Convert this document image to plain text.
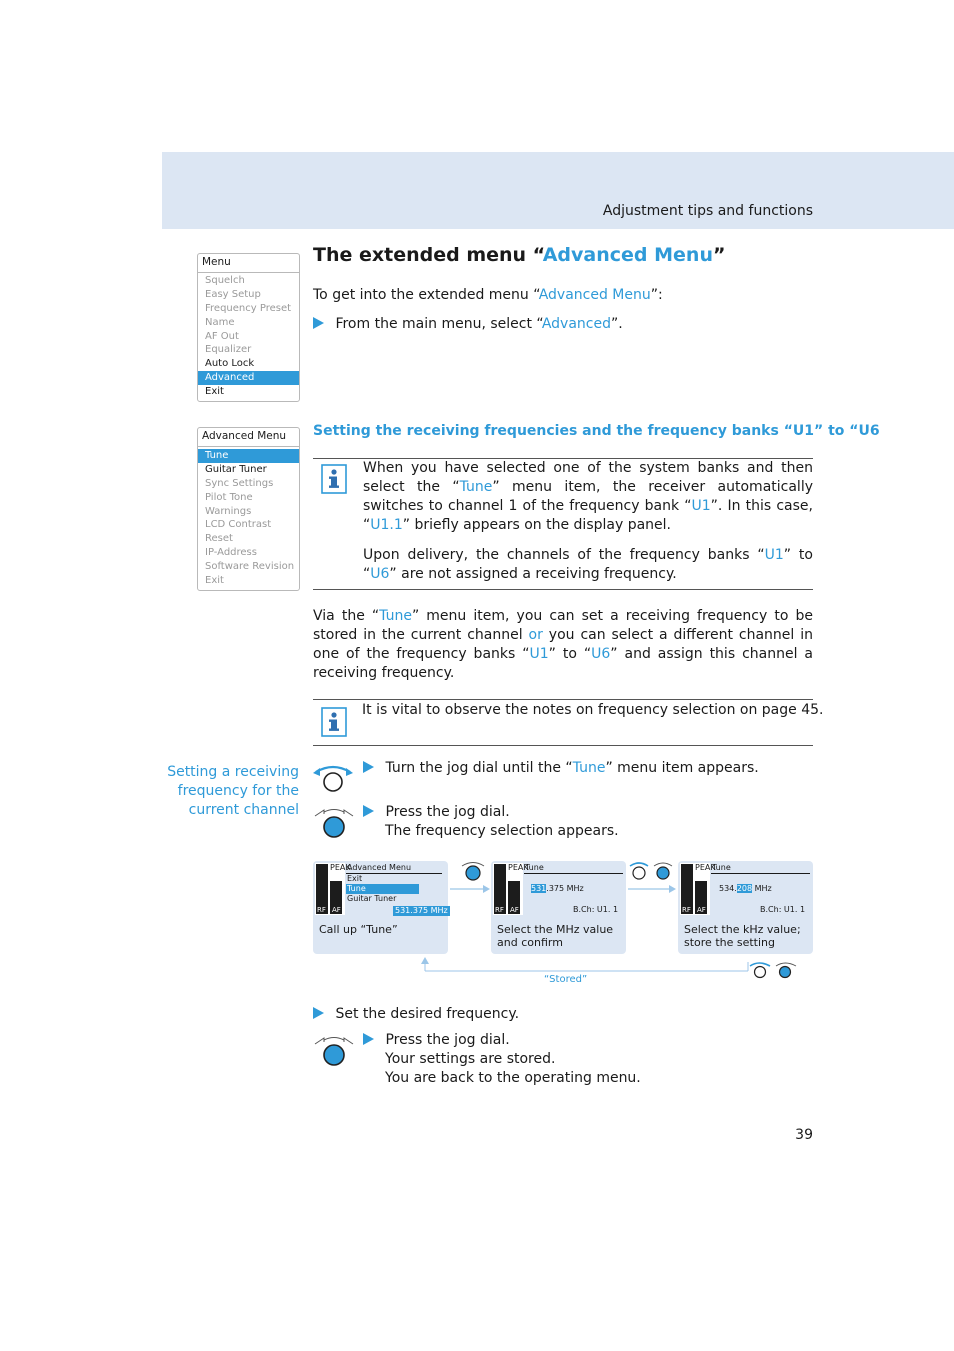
Adjustment tips and functions
Menu
Squelch
Easy Setup
Frequency Preset
Name
AF Out
Equalizer
Auto Lock
Advanced
Exit
The extended menu “Advanced Menu”
To get into the extended menu “Advanced Menu”:
From the main menu, select “Advanced”.
Advanced Menu
Tune
Guitar Tuner
Sync Settings
Pilot Tone
Warnings
LCD Contrast
Reset
IP-Address
Software Revision
Exit
Setting the receiving frequencies and the frequency banks “U1” to “U6
When you have selected one of the system banks and then select the “Tune” menu item, the receiver automatically switches to channel 1 of the frequency bank “U1”. In this case, “U1.1” briefly appears on the display panel.
Upon delivery, the channels of the frequency banks “U1” to “U6” are not assigned a receiving frequency.
Via the “Tune” menu item, you can set a receiving frequency to be stored in the current channel or you can select a different channel in one of the frequency banks “U1” to “U6” and assign this channel a receiving frequency.
It is vital to observe the notes on frequency selection on page 45.
Setting a receiving
frequency for the
current channel
Turn the jog dial until the “Tune” menu item appears.
Press the jog dial.
The frequency selection appears.
PEAK
RF AF
Advanced Menu
Exit
Tune
Guitar Tuner
531.375 MHz
Call up “Tune”
PEAK
RF AF
Tune
531.375 MHz
B.Ch: U1. 1
Select the MHz value
and confirm
PEAK
RF AF
Tune
534.208 MHz
B.Ch: U1. 1
Select the kHz value;
store the setting
“Stored”
Set the desired frequency.
Press the jog dial.
Your settings are stored.
You are back to the operating menu.
39
